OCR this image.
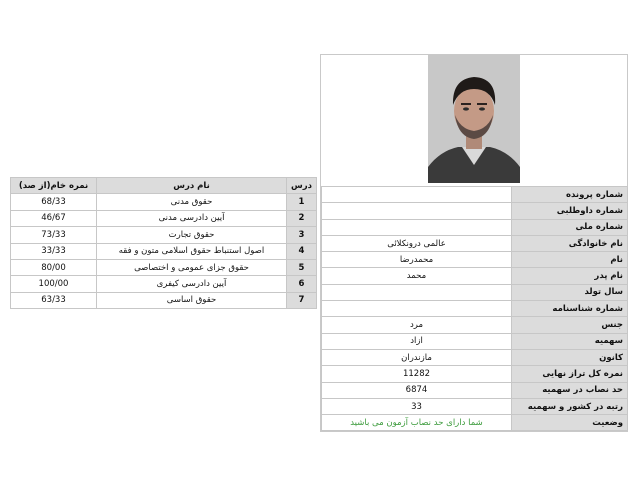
درس	نام درس	نمره خام(از صد)
1	حقوق مدنی	68/33
2	آیین دادرسی مدنی	46/67
3	حقوق تجارت	73/33
4	اصول استنباط حقوق اسلامی متون و فقه	33/33
5	حقوق جزای عمومی و اختصاصی	80/00
6	آیین دادرسی کیفری	100/00
7	حقوق اساسی	63/33
شماره پرونده	
شماره داوطلبی	
شماره ملی	
نام خانوادگی	عالمی درونکلائی
نام	محمدرضا
نام پدر	محمد
سال تولد	
شماره شناسنامه	
جنس	مرد
سهمیه	ازاد
کانون	مازندران
نمره کل تراز نهایی	11282
حد نصاب در سهمیه	6874
رتبه در کشور و سهمیه	33
وضعیت	شما دارای حد نصاب آزمون می باشید
